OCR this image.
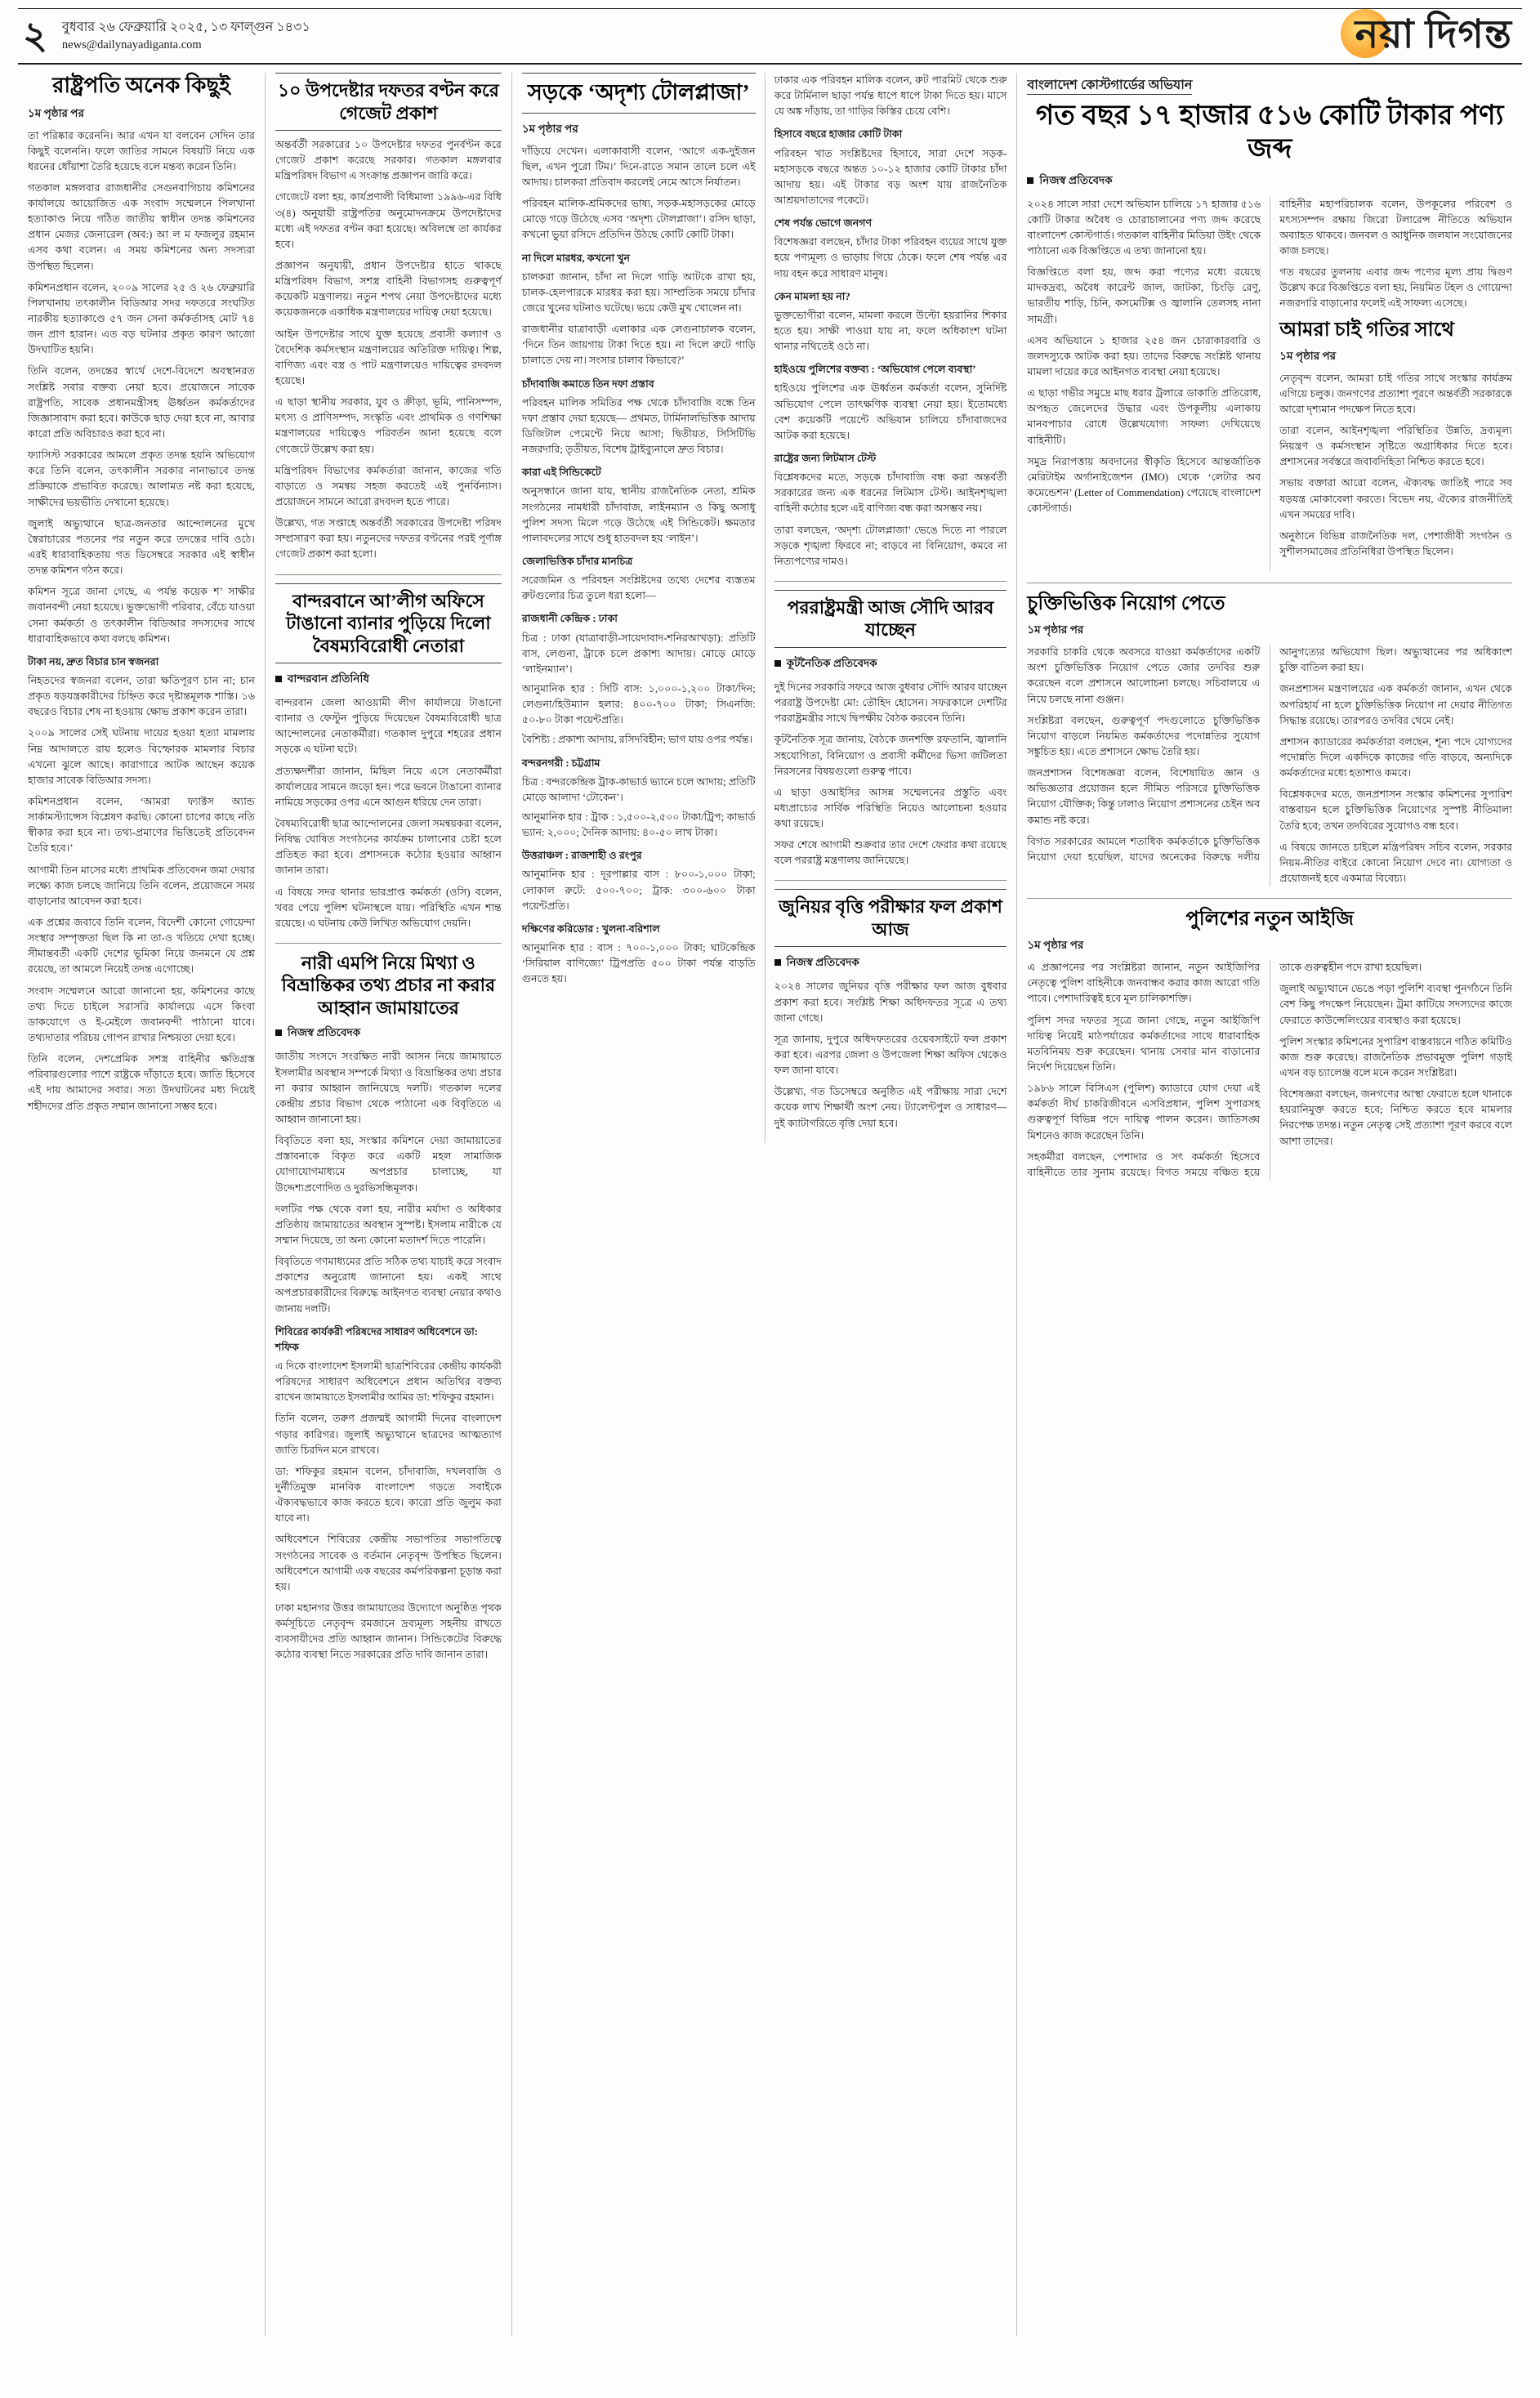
২ বুধবার ২৬ ফেব্রুয়ারি ২০২৫, ১৩ ফাল্গুন ১৪৩১
news@dailynayadiganta.com	নয়া দিগন্ত
রাষ্ট্রপতি অনেক কিছুই
১ম পৃষ্ঠার পর

তা পরিষ্কার করেননি। আর এখন যা বলবেন সেদিন তার কিছুই বলেননি। ফলে জাতির সামনে বিষয়টি নিয়ে এক ধরনের ধোঁয়াশা তৈরি হয়েছে বলে মন্তব্য করেন তিনি।

গতকাল মঙ্গলবার রাজধানীর সেগুনবাগিচায় কমিশনের কার্যালয়ে আয়োজিত এক সংবাদ সম্মেলনে পিলখানা হত্যাকাণ্ড নিয়ে গঠিত জাতীয় স্বাধীন তদন্ত কমিশনের প্রধান মেজর জেনারেল (অব:) আ ল ম ফজলুর রহমান এসব কথা বলেন। এ সময় কমিশনের অন্য সদস্যরা উপস্থিত ছিলেন।

কমিশনপ্রধান বলেন, ২০০৯ সালের ২৫ ও ২৬ ফেব্রুয়ারি পিলখানায় তৎকালীন বিডিআর সদর দফতরে সংঘটিত নারকীয় হত্যাকাণ্ডে ৫৭ জন সেনা কর্মকর্তাসহ মোট ৭৪ জন প্রাণ হারান। এত বড় ঘটনার প্রকৃত কারণ আজো উদঘাটিত হয়নি।

তিনি বলেন, তদন্তের স্বার্থে দেশে-বিদেশে অবস্থানরত সংশ্লিষ্ট সবার বক্তব্য নেয়া হবে। প্রয়োজনে সাবেক রাষ্ট্রপতি, সাবেক প্রধানমন্ত্রীসহ ঊর্ধ্বতন কর্মকর্তাদের জিজ্ঞাসাবাদ করা হবে। কাউকে ছাড় দেয়া হবে না, আবার কারো প্রতি অবিচারও করা হবে না।

ফ্যাসিস্ট সরকারের আমলে প্রকৃত তদন্ত হয়নি অভিযোগ করে তিনি বলেন, তৎকালীন সরকার নানাভাবে তদন্ত প্রক্রিয়াকে প্রভাবিত করেছে। আলামত নষ্ট করা হয়েছে, সাক্ষীদের ভয়ভীতি দেখানো হয়েছে।

জুলাই অভ্যুত্থানে ছাত্র-জনতার আন্দোলনের মুখে স্বৈরাচারের পতনের পর নতুন করে তদন্তের দাবি ওঠে। এরই ধারাবাহিকতায় গত ডিসেম্বরে সরকার এই স্বাধীন তদন্ত কমিশন গঠন করে।

কমিশন সূত্রে জানা গেছে, এ পর্যন্ত কয়েক শ’ সাক্ষীর জবানবন্দী নেয়া হয়েছে। ভুক্তভোগী পরিবার, বেঁচে যাওয়া সেনা কর্মকর্তা ও তৎকালীন বিডিআর সদস্যদের সাথে ধারাবাহিকভাবে কথা বলছে কমিশন।

টাকা নয়, দ্রুত বিচার চান স্বজনরা

নিহতদের স্বজনরা বলেন, তারা ক্ষতিপূরণ চান না; চান প্রকৃত ষড়যন্ত্রকারীদের চিহ্নিত করে দৃষ্টান্তমূলক শাস্তি। ১৬ বছরেও বিচার শেষ না হওয়ায় ক্ষোভ প্রকাশ করেন তারা।

২০০৯ সালের সেই ঘটনায় দায়ের হওয়া হত্যা মামলায় নিম্ন আদালতে রায় হলেও বিস্ফোরক মামলার বিচার এখনো ঝুলে আছে। কারাগারে আটক আছেন কয়েক হাজার সাবেক বিডিআর সদস্য।

কমিশনপ্রধান বলেন, ‘আমরা ফ্যাক্টস অ্যান্ড সার্কামস্ট্যান্সেস বিশ্লেষণ করছি। কোনো চাপের কাছে নতি স্বীকার করা হবে না। তথ্য-প্রমাণের ভিত্তিতেই প্রতিবেদন তৈরি হবে।’

আগামী তিন মাসের মধ্যে প্রাথমিক প্রতিবেদন জমা দেয়ার লক্ষ্যে কাজ চলছে জানিয়ে তিনি বলেন, প্রয়োজনে সময় বাড়ানোর আবেদন করা হবে।

এক প্রশ্নের জবাবে তিনি বলেন, বিদেশী কোনো গোয়েন্দা সংস্থার সম্পৃক্ততা ছিল কি না তা-ও খতিয়ে দেখা হচ্ছে। সীমান্তবর্তী একটি দেশের ভূমিকা নিয়ে জনমনে যে প্রশ্ন রয়েছে, তা আমলে নিয়েই তদন্ত এগোচ্ছে।

সংবাদ সম্মেলনে আরো জানানো হয়, কমিশনের কাছে তথ্য দিতে চাইলে সরাসরি কার্যালয়ে এসে কিংবা ডাকযোগে ও ই-মেইলে জবানবন্দী পাঠানো যাবে। তথ্যদাতার পরিচয় গোপন রাখার নিশ্চয়তা দেয়া হবে।

তিনি বলেন, দেশপ্রেমিক সশস্ত্র বাহিনীর ক্ষতিগ্রস্ত পরিবারগুলোর পাশে রাষ্ট্রকে দাঁড়াতে হবে। জাতি হিসেবে এই দায় আমাদের সবার। সত্য উদঘাটনের মধ্য দিয়েই শহীদদের প্রতি প্রকৃত সম্মান জানানো সম্ভব হবে।

১০ উপদেষ্টার দফতর বণ্টন করে গেজেট প্রকাশ

অন্তর্বর্তী সরকারের ১০ উপদেষ্টার দফতর পুনর্বণ্টন করে গেজেট প্রকাশ করেছে সরকার। গতকাল মঙ্গলবার মন্ত্রিপরিষদ বিভাগ এ সংক্রান্ত প্রজ্ঞাপন জারি করে।

গেজেটে বলা হয়, কার্যপ্রণালী বিধিমালা ১৯৯৬-এর বিধি ৩(৪) অনুযায়ী রাষ্ট্রপতির অনুমোদনক্রমে উপদেষ্টাদের মধ্যে এই দফতর বণ্টন করা হয়েছে। অবিলম্বে তা কার্যকর হবে।

প্রজ্ঞাপন অনুযায়ী, প্রধান উপদেষ্টার হাতে থাকছে মন্ত্রিপরিষদ বিভাগ, সশস্ত্র বাহিনী বিভাগসহ গুরুত্বপূর্ণ কয়েকটি মন্ত্রণালয়। নতুন শপথ নেয়া উপদেষ্টাদের মধ্যে কয়েকজনকে একাধিক মন্ত্রণালয়ের দায়িত্ব দেয়া হয়েছে।

আইন উপদেষ্টার সাথে যুক্ত হয়েছে প্রবাসী কল্যাণ ও বৈদেশিক কর্মসংস্থান মন্ত্রণালয়ের অতিরিক্ত দায়িত্ব। শিল্প, বাণিজ্য এবং বস্ত্র ও পাট মন্ত্রণালয়েও দায়িত্বের রদবদল হয়েছে।

এ ছাড়া স্থানীয় সরকার, যুব ও ক্রীড়া, ভূমি, পানিসম্পদ, মৎস্য ও প্রাণিসম্পদ, সংস্কৃতি এবং প্রাথমিক ও গণশিক্ষা মন্ত্রণালয়ের দায়িত্বেও পরিবর্তন আনা হয়েছে বলে গেজেটে উল্লেখ করা হয়।

মন্ত্রিপরিষদ বিভাগের কর্মকর্তারা জানান, কাজের গতি বাড়াতে ও সমন্বয় সহজ করতেই এই পুনর্বিন্যাস। প্রয়োজনে সামনে আরো রদবদল হতে পারে।

উল্লেখ্য, গত সপ্তাহে অন্তর্বর্তী সরকারের উপদেষ্টা পরিষদ সম্প্রসারণ করা হয়। নতুনদের দফতর বণ্টনের পরই পূর্ণাঙ্গ গেজেট প্রকাশ করা হলো।

বান্দরবানে আ’লীগ অফিসে টাঙানো ব্যানার পুড়িয়ে দিলো বৈষম্যবিরোধী নেতারা
বান্দরবান প্রতিনিধি

বান্দরবান জেলা আওয়ামী লীগ কার্যালয়ে টাঙানো ব্যানার ও ফেস্টুন পুড়িয়ে দিয়েছেন বৈষম্যবিরোধী ছাত্র আন্দোলনের নেতাকর্মীরা। গতকাল দুপুরে শহরের প্রধান সড়কে এ ঘটনা ঘটে।

প্রত্যক্ষদর্শীরা জানান, মিছিল নিয়ে এসে নেতাকর্মীরা কার্যালয়ের সামনে জড়ো হন। পরে ভবনে টাঙানো ব্যানার নামিয়ে সড়কের ওপর এনে আগুন ধরিয়ে দেন তারা।

বৈষম্যবিরোধী ছাত্র আন্দোলনের জেলা সমন্বয়করা বলেন, নিষিদ্ধ ঘোষিত সংগঠনের কার্যক্রম চালানোর চেষ্টা হলে প্রতিহত করা হবে। প্রশাসনকে কঠোর হওয়ার আহ্বান জানান তারা।

এ বিষয়ে সদর থানার ভারপ্রাপ্ত কর্মকর্তা (ওসি) বলেন, খবর পেয়ে পুলিশ ঘটনাস্থলে যায়। পরিস্থিতি এখন শান্ত রয়েছে। এ ঘটনায় কেউ লিখিত অভিযোগ দেয়নি।

নারী এমপি নিয়ে মিথ্যা ও বিভ্রান্তিকর তথ্য প্রচার না করার আহ্বান জামায়াতের
নিজস্ব প্রতিবেদক

জাতীয় সংসদে সংরক্ষিত নারী আসন নিয়ে জামায়াতে ইসলামীর অবস্থান সম্পর্কে মিথ্যা ও বিভ্রান্তিকর তথ্য প্রচার না করার আহ্বান জানিয়েছে দলটি। গতকাল দলের কেন্দ্রীয় প্রচার বিভাগ থেকে পাঠানো এক বিবৃতিতে এ আহ্বান জানানো হয়।

বিবৃতিতে বলা হয়, সংস্কার কমিশনে দেয়া জামায়াতের প্রস্তাবনাকে বিকৃত করে একটি মহল সামাজিক যোগাযোগমাধ্যমে অপপ্রচার চালাচ্ছে, যা উদ্দেশ্যপ্রণোদিত ও দুরভিসন্ধিমূলক।

দলটির পক্ষ থেকে বলা হয়, নারীর মর্যাদা ও অধিকার প্রতিষ্ঠায় জামায়াতের অবস্থান সুস্পষ্ট। ইসলাম নারীকে যে সম্মান দিয়েছে, তা অন্য কোনো মতাদর্শ দিতে পারেনি।

বিবৃতিতে গণমাধ্যমের প্রতি সঠিক তথ্য যাচাই করে সংবাদ প্রকাশের অনুরোধ জানানো হয়। একই সাথে অপপ্রচারকারীদের বিরুদ্ধে আইনগত ব্যবস্থা নেয়ার কথাও জানায় দলটি।

শিবিরের কার্যকরী পরিষদের সাধারণ অধিবেশনে ডা: শফিক

এ দিকে বাংলাদেশ ইসলামী ছাত্রশিবিরের কেন্দ্রীয় কার্যকরী পরিষদের সাধারণ অধিবেশনে প্রধান অতিথির বক্তব্য রাখেন জামায়াতে ইসলামীর আমির ডা: শফিকুর রহমান।

তিনি বলেন, তরুণ প্রজন্মই আগামী দিনের বাংলাদেশ গড়ার কারিগর। জুলাই অভ্যুত্থানে ছাত্রদের আত্মত্যাগ জাতি চিরদিন মনে রাখবে।

ডা: শফিকুর রহমান বলেন, চাঁদাবাজি, দখলবাজি ও দুর্নীতিমুক্ত মানবিক বাংলাদেশ গড়তে সবাইকে ঐক্যবদ্ধভাবে কাজ করতে হবে। কারো প্রতি জুলুম করা যাবে না।

অধিবেশনে শিবিরের কেন্দ্রীয় সভাপতির সভাপতিত্বে সংগঠনের সাবেক ও বর্তমান নেতৃবৃন্দ উপস্থিত ছিলেন। অধিবেশনে আগামী এক বছরের কর্মপরিকল্পনা চূড়ান্ত করা হয়।

ঢাকা মহানগর উত্তর জামায়াতের উদ্যোগে অনুষ্ঠিত পৃথক কর্মসূচিতে নেতৃবৃন্দ রমজানে দ্রব্যমূল্য সহনীয় রাখতে ব্যবসায়ীদের প্রতি আহ্বান জানান। সিন্ডিকেটের বিরুদ্ধে কঠোর ব্যবস্থা নিতে সরকারের প্রতি দাবি জানান তারা।

সড়কে ‘অদৃশ্য টোলপ্লাজা’
১ম পৃষ্ঠার পর

দাঁড়িয়ে দেখেন। এলাকাবাসী বলেন, ‘আগে এক-দুইজন ছিল, এখন পুরো টিম।’ দিনে-রাতে সমান তালে চলে এই আদায়। চালকরা প্রতিবাদ করলেই নেমে আসে নির্যাতন।

পরিবহন মালিক-শ্রমিকদের ভাষ্য, সড়ক-মহাসড়কের মোড়ে মোড়ে গড়ে উঠেছে এসব ‘অদৃশ্য টোলপ্লাজা’। রসিদ ছাড়া, কখনো ভুয়া রসিদে প্রতিদিন উঠছে কোটি কোটি টাকা।

না দিলে মারধর, কখনো খুন

চালকরা জানান, চাঁদা না দিলে গাড়ি আটকে রাখা হয়, চালক-হেলপারকে মারধর করা হয়। সাম্প্রতিক সময়ে চাঁদার জেরে খুনের ঘটনাও ঘটেছে। ভয়ে কেউ মুখ খোলেন না।

রাজধানীর যাত্রাবাড়ী এলাকার এক লেগুনাচালক বলেন, ‘দিনে তিন জায়গায় টাকা দিতে হয়। না দিলে রুটে গাড়ি চালাতে দেয় না। সংসার চালাব কিভাবে?’

চাঁদাবাজি কমাতে তিন দফা প্রস্তাব

পরিবহন মালিক সমিতির পক্ষ থেকে চাঁদাবাজি বন্ধে তিন দফা প্রস্তাব দেয়া হয়েছে— প্রথমত, টার্মিনালভিত্তিক আদায় ডিজিটাল পেমেন্টে নিয়ে আসা; দ্বিতীয়ত, সিসিটিভি নজরদারি; তৃতীয়ত, বিশেষ ট্রাইব্যুনালে দ্রুত বিচার।

কারা এই সিন্ডিকেটে

অনুসন্ধানে জানা যায়, স্থানীয় রাজনৈতিক নেতা, শ্রমিক সংগঠনের নামধারী চাঁদাবাজ, লাইনম্যান ও কিছু অসাধু পুলিশ সদস্য মিলে গড়ে উঠেছে এই সিন্ডিকেট। ক্ষমতার পালাবদলের সাথে শুধু হাতবদল হয় ‘লাইন’।

জেলাভিত্তিক চাঁদার মানচিত্র

সরেজমিন ও পরিবহন সংশ্লিষ্টদের তথ্যে দেশের ব্যস্ততম রুটগুলোর চিত্র তুলে ধরা হলো—

রাজধানী কেন্দ্রিক : ঢাকা

চিত্র : ঢাকা (যাত্রাবাড়ী-সায়েদাবাদ-শনিরআখড়া): প্রতিটি বাস, লেগুনা, ট্রাকে চলে প্রকাশ্য আদায়। মোড়ে মোড়ে ‘লাইনম্যান’।

আনুমানিক হার : সিটি বাস: ১,০০০-১,২০০ টাকা/দিন; লেগুনা/হিউম্যান হলার: ৪০০-৭০০ টাকা; সিএনজি: ৫০-৮০ টাকা পয়েন্টপ্রতি।

বৈশিষ্ট্য : প্রকাশ্য আদায়, রসিদবিহীন; ভাগ যায় ওপর পর্যন্ত।

বন্দরনগরী : চট্টগ্রাম

চিত্র : বন্দরকেন্দ্রিক ট্রাক-কাভার্ড ভ্যানে চলে আদায়; প্রতিটি মোড়ে আলাদা ‘টোকেন’।

আনুমানিক হার : ট্রাক : ১,৫০০-২,৫০০ টাকা/ট্রিপ; কাভার্ড ভ্যান: ২,০০০; দৈনিক আদায়: ৪০-৫০ লাখ টাকা।

উত্তরাঞ্চল : রাজশাহী ও রংপুর

আনুমানিক হার : দূরপাল্লার বাস : ৮০০-১,০০০ টাকা; লোকাল রুটে: ৫০০-৭০০; ট্রাক: ৩০০-৬০০ টাকা পয়েন্টপ্রতি।

দক্ষিণের করিডোর : খুলনা-বরিশাল

আনুমানিক হার : বাস : ৭০০-১,০০০ টাকা; ঘাটকেন্দ্রিক ‘সিরিয়াল বাণিজ্যে’ ট্রিপপ্রতি ৫০০ টাকা পর্যন্ত বাড়তি গুনতে হয়।

ঢাকার এক পরিবহন মালিক বলেন, রুট পারমিট থেকে শুরু করে টার্মিনাল ছাড়া পর্যন্ত ধাপে ধাপে টাকা দিতে হয়। মাসে যে অঙ্ক দাঁড়ায়, তা গাড়ির কিস্তির চেয়ে বেশি।

হিসাবে বছরে হাজার কোটি টাকা

পরিবহন খাত সংশ্লিষ্টদের হিসাবে, সারা দেশে সড়ক-মহাসড়কে বছরে অন্তত ১০-১২ হাজার কোটি টাকার চাঁদা আদায় হয়। এই টাকার বড় অংশ যায় রাজনৈতিক আশ্রয়দাতাদের পকেটে।

শেষ পর্যন্ত ভোগে জনগণ

বিশেষজ্ঞরা বলছেন, চাঁদার টাকা পরিবহন ব্যয়ের সাথে যুক্ত হয়ে পণ্যমূল্য ও ভাড়ায় গিয়ে ঠেকে। ফলে শেষ পর্যন্ত এর দায় বহন করে সাধারণ মানুষ।

কেন মামলা হয় না?

ভুক্তভোগীরা বলেন, মামলা করলে উল্টো হয়রানির শিকার হতে হয়। সাক্ষী পাওয়া যায় না, ফলে অধিকাংশ ঘটনা থানার নথিতেই ওঠে না।

হাইওয়ে পুলিশের বক্তব্য : ‘অভিযোগ পেলে ব্যবস্থা’

হাইওয়ে পুলিশের এক ঊর্ধ্বতন কর্মকর্তা বলেন, সুনির্দিষ্ট অভিযোগ পেলে তাৎক্ষণিক ব্যবস্থা নেয়া হয়। ইতোমধ্যে বেশ কয়েকটি পয়েন্টে অভিযান চালিয়ে চাঁদাবাজদের আটক করা হয়েছে।

রাষ্ট্রের জন্য লিটমাস টেস্ট

বিশ্লেষকদের মতে, সড়কে চাঁদাবাজি বন্ধ করা অন্তর্বর্তী সরকারের জন্য এক ধরনের লিটমাস টেস্ট। আইনশৃঙ্খলা বাহিনী কঠোর হলে এই বাণিজ্য বন্ধ করা অসম্ভব নয়।

তারা বলছেন, ‘অদৃশ্য টোলপ্লাজা’ ভেঙে দিতে না পারলে সড়কে শৃঙ্খলা ফিরবে না; বাড়বে না বিনিয়োগ, কমবে না নিত্যপণ্যের দামও।

পররাষ্ট্রমন্ত্রী আজ সৌদি আরব যাচ্ছেন
কূটনৈতিক প্রতিবেদক

দুই দিনের সরকারি সফরে আজ বুধবার সৌদি আরব যাচ্ছেন পররাষ্ট্র উপদেষ্টা মো: তৌহিদ হোসেন। সফরকালে দেশটির পররাষ্ট্রমন্ত্রীর সাথে দ্বিপক্ষীয় বৈঠক করবেন তিনি।

কূটনৈতিক সূত্র জানায়, বৈঠকে জনশক্তি রফতানি, জ্বালানি সহযোগিতা, বিনিয়োগ ও প্রবাসী কর্মীদের ভিসা জটিলতা নিরসনের বিষয়গুলো গুরুত্ব পাবে।

এ ছাড়া ওআইসির আসন্ন সম্মেলনের প্রস্তুতি এবং মধ্যপ্রাচ্যের সার্বিক পরিস্থিতি নিয়েও আলোচনা হওয়ার কথা রয়েছে।

সফর শেষে আগামী শুক্রবার তার দেশে ফেরার কথা রয়েছে বলে পররাষ্ট্র মন্ত্রণালয় জানিয়েছে।

জুনিয়র বৃত্তি পরীক্ষার ফল প্রকাশ আজ
নিজস্ব প্রতিবেদক

২০২৪ সালের জুনিয়র বৃত্তি পরীক্ষার ফল আজ বুধবার প্রকাশ করা হবে। সংশ্লিষ্ট শিক্ষা অধিদফতর সূত্রে এ তথ্য জানা গেছে।

সূত্র জানায়, দুপুরে অধিদফতরের ওয়েবসাইটে ফল প্রকাশ করা হবে। এরপর জেলা ও উপজেলা শিক্ষা অফিস থেকেও ফল জানা যাবে।

উল্লেখ্য, গত ডিসেম্বরে অনুষ্ঠিত এই পরীক্ষায় সারা দেশে কয়েক লাখ শিক্ষার্থী অংশ নেয়। ট্যালেন্টপুল ও সাধারণ— দুই ক্যাটাগরিতে বৃত্তি দেয়া হবে।

বাংলাদেশ কোস্টগার্ডের অভিযান
গত বছর ১৭ হাজার ৫১৬ কোটি টাকার পণ্য জব্দ
নিজস্ব প্রতিবেদক

২০২৪ সালে সারা দেশে অভিযান চালিয়ে ১৭ হাজার ৫১৬ কোটি টাকার অবৈধ ও চোরাচালানের পণ্য জব্দ করেছে বাংলাদেশ কোস্টগার্ড। গতকাল বাহিনীর মিডিয়া উইং থেকে পাঠানো এক বিজ্ঞপ্তিতে এ তথ্য জানানো হয়।

বিজ্ঞপ্তিতে বলা হয়, জব্দ করা পণ্যের মধ্যে রয়েছে মাদকদ্রব্য, অবৈধ কারেন্ট জাল, জাটকা, চিংড়ি রেণু, ভারতীয় শাড়ি, চিনি, কসমেটিক্স ও জ্বালানি তেলসহ নানা সামগ্রী।

এসব অভিযানে ১ হাজার ২৫৪ জন চোরাকারবারি ও জলদস্যুকে আটক করা হয়। তাদের বিরুদ্ধে সংশ্লিষ্ট থানায় মামলা দায়ের করে আইনগত ব্যবস্থা নেয়া হয়েছে।

এ ছাড়া গভীর সমুদ্রে মাছ ধরার ট্রলারে ডাকাতি প্রতিরোধ, অপহৃত জেলেদের উদ্ধার এবং উপকূলীয় এলাকায় মানবপাচার রোধে উল্লেখযোগ্য সাফল্য দেখিয়েছে বাহিনীটি।

সমুদ্র নিরাপত্তায় অবদানের স্বীকৃতি হিসেবে আন্তর্জাতিক মেরিটাইম অর্গানাইজেশন (IMO) থেকে ‘লেটার অব কমেন্ডেশন’ (Letter of Commendation) পেয়েছে বাংলাদেশ কোস্টগার্ড।

বাহিনীর মহাপরিচালক বলেন, উপকূলের পরিবেশ ও মৎস্যসম্পদ রক্ষায় জিরো টলারেন্স নীতিতে অভিযান অব্যাহত থাকবে। জনবল ও আধুনিক জলযান সংযোজনের কাজ চলছে।

গত বছরের তুলনায় এবার জব্দ পণ্যের মূল্য প্রায় দ্বিগুণ উল্লেখ করে বিজ্ঞপ্তিতে বলা হয়, নিয়মিত টহল ও গোয়েন্দা নজরদারি বাড়ানোর ফলেই এই সাফল্য এসেছে।

আমরা চাই গতির সাথে
১ম পৃষ্ঠার পর

নেতৃবৃন্দ বলেন, আমরা চাই গতির সাথে সংস্কার কার্যক্রম এগিয়ে চলুক। জনগণের প্রত্যাশা পূরণে অন্তর্বর্তী সরকারকে আরো দৃশ্যমান পদক্ষেপ নিতে হবে।

তারা বলেন, আইনশৃঙ্খলা পরিস্থিতির উন্নতি, দ্রব্যমূল্য নিয়ন্ত্রণ ও কর্মসংস্থান সৃষ্টিতে অগ্রাধিকার দিতে হবে। প্রশাসনের সর্বস্তরে জবাবদিহিতা নিশ্চিত করতে হবে।

সভায় বক্তারা আরো বলেন, ঐক্যবদ্ধ জাতিই পারে সব ষড়যন্ত্র মোকাবেলা করতে। বিভেদ নয়, ঐক্যের রাজনীতিই এখন সময়ের দাবি।

অনুষ্ঠানে বিভিন্ন রাজনৈতিক দল, পেশাজীবী সংগঠন ও সুশীলসমাজের প্রতিনিধিরা উপস্থিত ছিলেন।

চুক্তিভিত্তিক নিয়োগ পেতে
১ম পৃষ্ঠার পর

সরকারি চাকরি থেকে অবসরে যাওয়া কর্মকর্তাদের একটি অংশ চুক্তিভিত্তিক নিয়োগ পেতে জোর তদবির শুরু করেছেন বলে প্রশাসনে আলোচনা চলছে। সচিবালয়ে এ নিয়ে চলছে নানা গুঞ্জন।

সংশ্লিষ্টরা বলছেন, গুরুত্বপূর্ণ পদগুলোতে চুক্তিভিত্তিক নিয়োগ বাড়লে নিয়মিত কর্মকর্তাদের পদোন্নতির সুযোগ সঙ্কুচিত হয়। এতে প্রশাসনে ক্ষোভ তৈরি হয়।

জনপ্রশাসন বিশেষজ্ঞরা বলেন, বিশেষায়িত জ্ঞান ও অভিজ্ঞতার প্রয়োজন হলে সীমিত পরিসরে চুক্তিভিত্তিক নিয়োগ যৌক্তিক; কিন্তু ঢালাও নিয়োগ প্রশাসনের চেইন অব কমান্ড নষ্ট করে।

বিগত সরকারের আমলে শতাধিক কর্মকর্তাকে চুক্তিভিত্তিক নিয়োগ দেয়া হয়েছিল, যাদের অনেকের বিরুদ্ধে দলীয় আনুগত্যের অভিযোগ ছিল। অভ্যুত্থানের পর অধিকাংশ চুক্তি বাতিল করা হয়।

জনপ্রশাসন মন্ত্রণালয়ের এক কর্মকর্তা জানান, এখন থেকে অপরিহার্য না হলে চুক্তিভিত্তিক নিয়োগ না দেয়ার নীতিগত সিদ্ধান্ত রয়েছে। তারপরও তদবির থেমে নেই।

প্রশাসন ক্যাডারের কর্মকর্তারা বলছেন, শূন্য পদে যোগ্যদের পদোন্নতি দিলে একদিকে কাজের গতি বাড়বে, অন্যদিকে কর্মকর্তাদের মধ্যে হতাশাও কমবে।

বিশ্লেষকদের মতে, জনপ্রশাসন সংস্কার কমিশনের সুপারিশ বাস্তবায়ন হলে চুক্তিভিত্তিক নিয়োগের সুস্পষ্ট নীতিমালা তৈরি হবে; তখন তদবিরের সুযোগও বন্ধ হবে।

এ বিষয়ে জানতে চাইলে মন্ত্রিপরিষদ সচিব বলেন, সরকার নিয়ম-নীতির বাইরে কোনো নিয়োগ দেবে না। যোগ্যতা ও প্রয়োজনই হবে একমাত্র বিবেচ্য।

পুলিশের নতুন আইজি
১ম পৃষ্ঠার পর

এ প্রজ্ঞাপনের পর সংশ্লিষ্টরা জানান, নতুন আইজিপির নেতৃত্বে পুলিশ বাহিনীকে জনবান্ধব করার কাজ আরো গতি পাবে। পেশাদারিত্বই হবে মূল চালিকাশক্তি।

পুলিশ সদর দফতর সূত্রে জানা গেছে, নতুন আইজিপি দায়িত্ব নিয়েই মাঠপর্যায়ের কর্মকর্তাদের সাথে ধারাবাহিক মতবিনিময় শুরু করেছেন। থানায় সেবার মান বাড়ানোর নির্দেশ দিয়েছেন তিনি।

১৯৮৬ সালে বিসিএস (পুলিশ) ক্যাডারে যোগ দেয়া এই কর্মকর্তা দীর্ঘ চাকরিজীবনে এসবিপ্রধান, পুলিশ সুপারসহ গুরুত্বপূর্ণ বিভিন্ন পদে দায়িত্ব পালন করেন। জাতিসঙ্ঘ মিশনেও কাজ করেছেন তিনি।

সহকর্মীরা বলছেন, পেশাদার ও সৎ কর্মকর্তা হিসেবে বাহিনীতে তার সুনাম রয়েছে। বিগত সময়ে বঞ্চিত হয়ে তাকে গুরুত্বহীন পদে রাখা হয়েছিল।

জুলাই অভ্যুত্থানে ভেঙে পড়া পুলিশি ব্যবস্থা পুনর্গঠনে তিনি বেশ কিছু পদক্ষেপ নিয়েছেন। ট্রমা কাটিয়ে সদস্যদের কাজে ফেরাতে কাউন্সেলিংয়ের ব্যবস্থাও করা হয়েছে।

পুলিশ সংস্কার কমিশনের সুপারিশ বাস্তবায়নে গঠিত কমিটিও কাজ শুরু করেছে। রাজনৈতিক প্রভাবমুক্ত পুলিশ গড়াই এখন বড় চ্যালেঞ্জ বলে মনে করেন সংশ্লিষ্টরা।

বিশেষজ্ঞরা বলছেন, জনগণের আস্থা ফেরাতে হলে থানাকে হয়রানিমুক্ত করতে হবে; নিশ্চিত করতে হবে মামলার নিরপেক্ষ তদন্ত। নতুন নেতৃত্ব সেই প্রত্যাশা পূরণ করবে বলে আশা তাদের।
